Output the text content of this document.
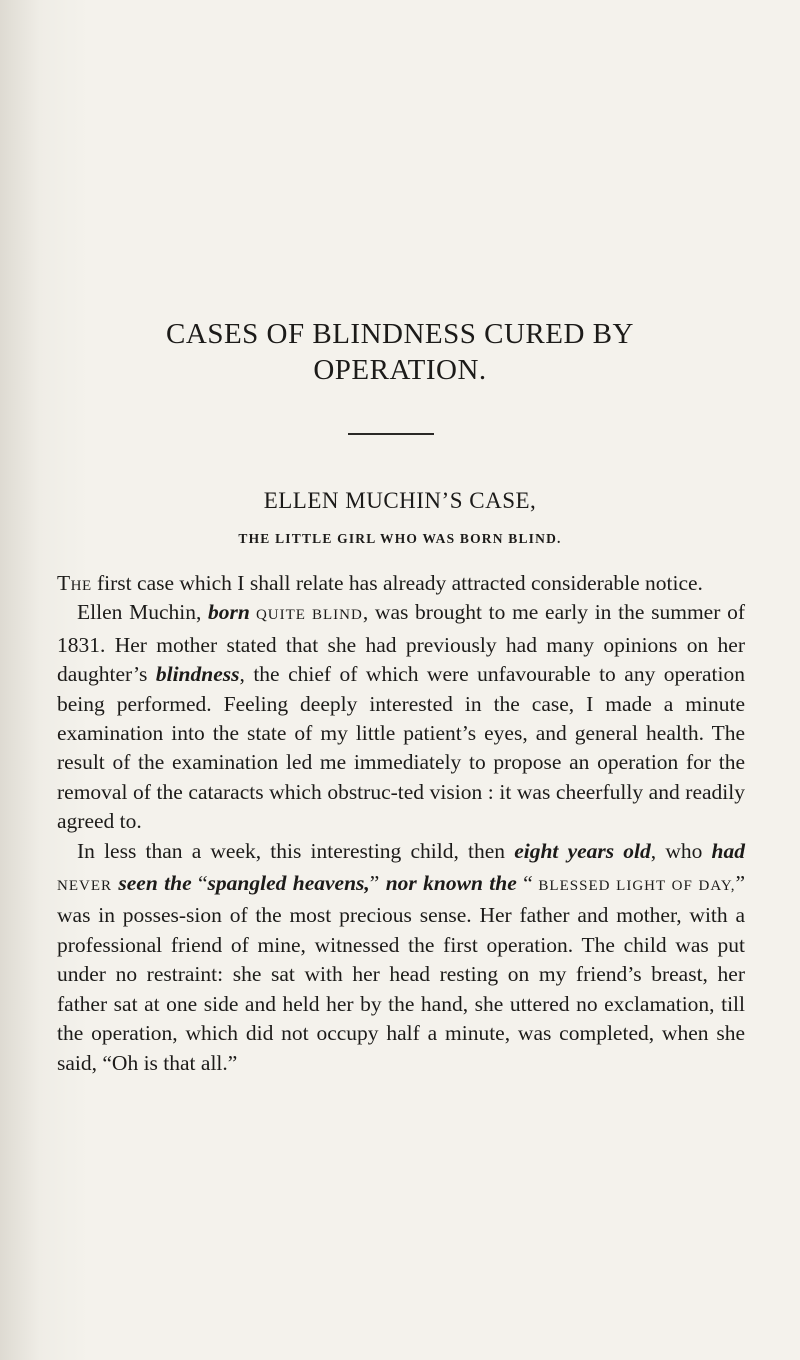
CASES OF BLINDNESS CURED BY
OPERATION.
ELLEN MUCHIN’S CASE,
THE LITTLE GIRL WHO WAS BORN BLIND.

The first case which I shall relate has already attracted considerable notice.

Ellen Muchin, born QUITE BLIND, was brought to me early in the summer of 1831. Her mother stated that she had previously had many opinions on her daughter’s blindness, the chief of which were unfavourable to any operation being performed. Feeling deeply interested in the case, I made a minute examination into the state of my little patient’s eyes, and general health. The result of the examination led me immediately to propose an operation for the removal of the cataracts which obstruc-ted vision : it was cheerfully and readily agreed to.

In less than a week, this interesting child, then eight years old, who had NEVER seen the “spangled heavens,” nor known the “ BLESSED LIGHT OF DAY,” was in posses-sion of the most precious sense. Her father and mother, with a professional friend of mine, witnessed the first operation. The child was put under no restraint: she sat with her head resting on my friend’s breast, her father sat at one side and held her by the hand, she uttered no exclamation, till the operation, which did not occupy half a minute, was completed, when she said, “Oh is that all.”
